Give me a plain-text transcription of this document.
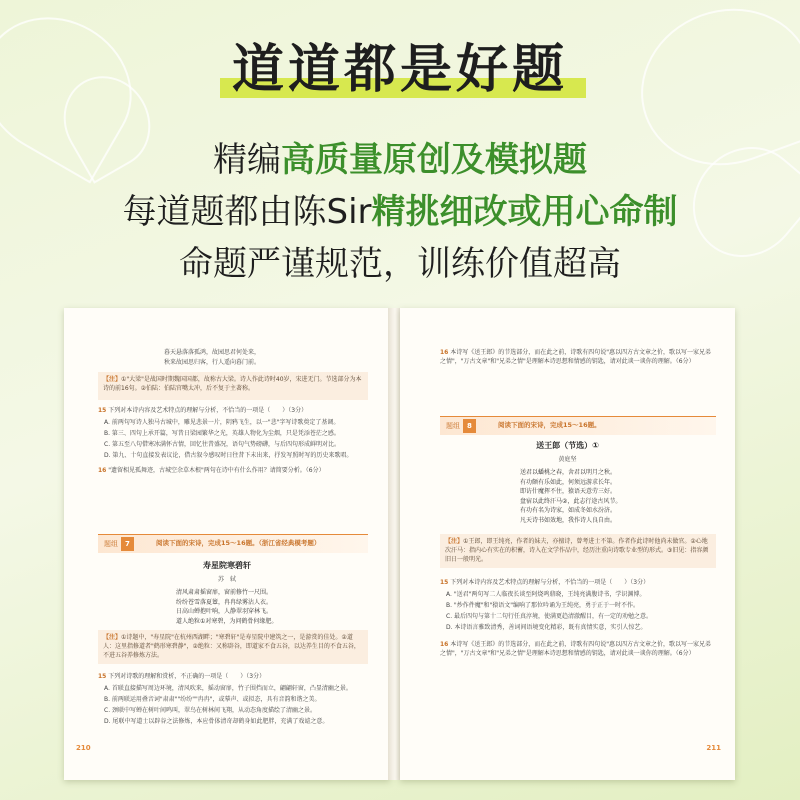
道道都是好题
精编高质量原创及模拟题
每道题都由陈Sir精挑细改或用心命制
命题严谨规范，训练价值超高
暮天悬落落孤鸿，故园思君何处来，
秋来故园思归客，行人遥向暮门前。
【注】①"大梁"是战国时期魏国国都，故称古大梁。诗人作此诗时40岁，宋进无门。节选部分为本诗的前16句。②伯陆：伯陆官嘴太冲，后不复于主著称。
15 下列对本诗内容及艺术特点的理解与分析，不恰当的一项是（　　）（3分）
A. 前两句写诗人独马古城中，雕见悲景一片，阴鸦飞生，以一"悲"字写诗歌奠定了基调。
B. 第三、四句上承开篇，写昔日梁园繁华之光，英雄人物化为尘烟，只是凭添苍茫之感。
C. 第五至八句借寒冰满怀古情，回忆往昔盛况，语句气势磅礴，与后四句形成鲜明对比。
D. 第九、十句直接发表议论，借古叙今感叹时日往昔下未出来，抒发写照时写的历史来歌唱。
16 "遗留相见孤舞迹，古城空余草木根"两句在诗中有什么作用？请简要分析。（6分）
题组 7	阅读下面的宋诗，完成15～16题。（浙江省经典模考题）
寿星院寒碧轩
苏　轼
清风肃肃摇窗扉，窗前修竹一尺围。
纷纷苍雪落夏簟，冉冉绿雾沾人衣。
日高山蝉抱叶响，人静翠羽穿林飞。
道人绝粒①对寒碧，为问鹤骨何缘肥。
【注】①诗题中，"寿星院"在杭州西湖畔；"寒碧轩"是寿星院中建筑之一，是游赏的佳处。②道人：这里指修道者"鹤形寒碧静"，②绝粒：又称辟谷，即道家不食五谷，以达养生目的不食五谷，不进五谷养修炼方法。
15 下列对诗歌的理解和赏析，不正确的一项是（　　）（3分）
A. 首联直接描写周边环境，清风吹来，摇动窗扉，竹子围挡而立，翩翩轩窗，凸显清幽之景。
B. 前两联运用叠音词"肃肃""纷纷""冉冉"，或摹声、或拟态，具有音韵和谐之美。
C. 颈联中写蝉在树叶间鸣叫，翠鸟在树林间飞翔，从动态角度描绘了清幽之景。
D. 尾联中写道士以辟谷之法修炼，本应骨体清奇却鹤身如此肥胖，充满了戏谑之意。
210
16 本诗写《送王郎》的节选部分，而在此之前，诗歌有四句说"惠以四方古文章之价，歌以写一家兄弟之情"，"万古文章"和"兄弟之情"是理解本诗思想和情感的钥匙，请对此谈一谈你的理解。（6分）
题组 8	阅读下面的宋诗，完成15～16题。
送王郎（节选）①
黄庭坚
送君以蟠桃之春，舍君以明月之秋。
有功颇有乐如此，何须远游求长年。
即访什魔挥不住，猿语天意劳三好。
盘宿以此终汗马②，此志行途古风节。
有功有名为诗家，如成冬如水汾济。
凡天诗书如效地，我作诗人良自由。
【注】①王郎，即王纯亮，作者的妹夫，亦擅诗，曾考进士不第。作者作此诗时他尚未做官。②心地次汗马：指内心有实在的积蓄，诗入在文学作品中，经历注重向诗歌专业型的形式。③旧见：指容颜旧日一般明光。
15 下列对本诗内容及艺术特点的理解与分析，不恰当的一项是（　　）（3分）
A. "送君"两句写二人临夜长谈至阿烧鸣鼎晓，王纯亮满腹诗书，学识渊博。
B. "炒作件魔"和"猿语文"编响了那位吟诵为王纯亮，勇于正于一时不作。
C. 最后四句与第十二句行任真淳境，使满更趋清澈醒目，有一定的劝勉之意。
D. 本诗语言雅致清秀，善词间语境变化精彩，既有真情实意，实引人惊艺。
16 本诗写《送王郎》的节选部分，而在此之前，诗歌有四句说"惠以四方古文章之价，歌以写一家兄弟之情"，"万古文章"和"兄弟之情"是理解本诗思想和情感的钥匙，请对此谈一谈你的理解。（6分）
211
